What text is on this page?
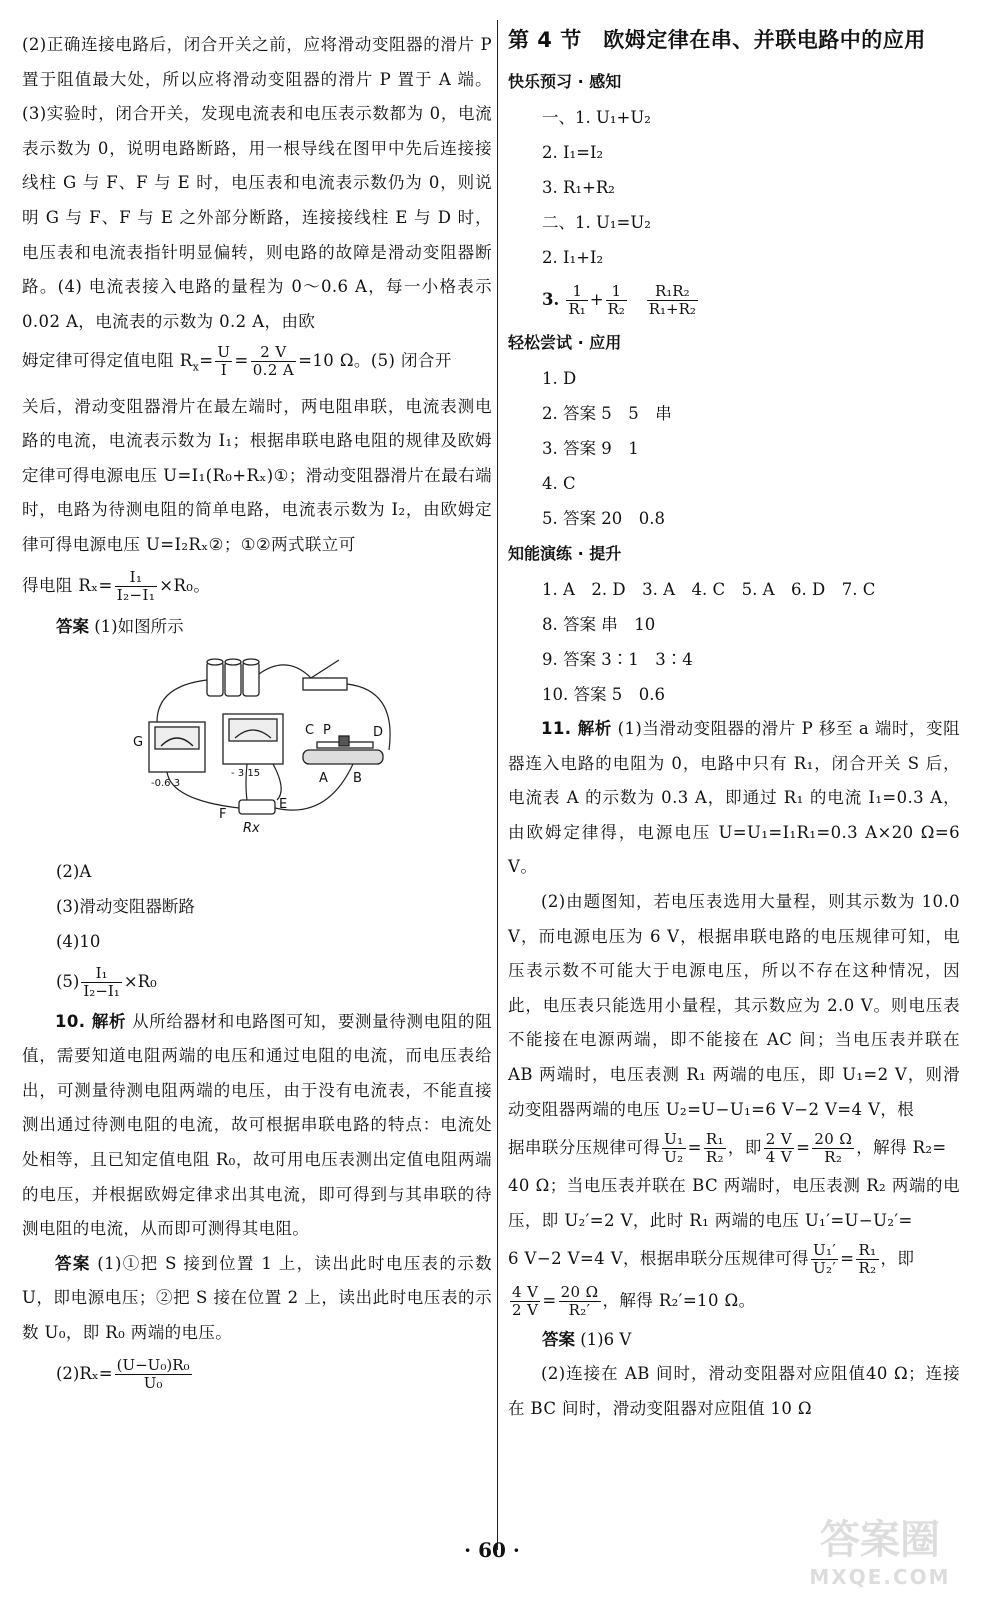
(2)正确连接电路后，闭合开关之前，应将滑动变阻器的滑片 P 置于阻值最大处，所以应将滑动变阻器的滑片 P 置于 A 端。(3)实验时，闭合开关，发现电流表和电压表示数都为 0，电流表示数为 0，说明电路断路，用一根导线在图甲中先后连接接线柱 G 与 F、F 与 E 时，电压表和电流表示数仍为 0，则说明 G 与 F、F 与 E 之外部分断路，连接接线柱 E 与 D 时，电压表和电流表指针明显偏转，则电路的故障是滑动变阻器断路。(4) 电流表接入电路的量程为 0～0.6 A，每一小格表示 0.02 A，电流表的示数为 0.2 A，由欧

姆定律可得定值电阻 $R_x= \frac{U}{I} = \frac{2 V}{0.2 A} =10$ Ω。(5) 闭合开

关后，滑动变阻器滑片在最左端时，两电阻串联，电流表测电路的电流，电流表示数为 I₁；根据串联电路电阻的规律及欧姆定律可得电源电压 U=I₁(R₀+Rₓ)①；滑动变阻器滑片在最右端时，电路为待测电阻的简单电路，电流表示数为 I₂，由欧姆定律可得电源电压 U=I₂Rₓ②；①②两式联立可

得电阻 $R_x= \frac{\text{I₁}}{\text{I₂−I₁}} \times R_0$。

答案 (1)如图所示
G
C P	D
A B
F
E
Rx
-0.6 3
- 3 15
(2)A
(3)滑动变阻器断路
(4)10
$(5) \frac{\text{I₁}}{\text{I₂−I₁}} \times R_0$

10. 解析 从所给器材和电路图可知，要测量待测电阻的阻值，需要知道电阻两端的电压和通过电阻的电流，而电压表给出，可测量待测电阻两端的电压，由于没有电流表，不能直接测出通过待测电阻的电流，故可根据串联电路的特点：电流处处相等，且已知定值电阻 R₀，故可用电压表测出定值电阻两端的电压，并根据欧姆定律求出其电流，即可得到与其串联的待测电阻的电流，从而即可测得其电阻。

答案 (1)①把 S 接到位置 1 上，读出此时电压表的示数 U，即电源电压；②把 S 接在位置 2 上，读出此时电压表的示数 U₀，即 R₀ 两端的电压。

$(2)R_x= \frac{\text{(U−U₀)R₀}}{\text{U₀}}$
第 4 节　欧姆定律在串、并联电路中的应用
快乐预习 · 感知
一、1. U₁+U₂
2. I₁=I₂
3. R₁+R₂
二、1. U₁=U₂
2. I₁+I₂
3. $\frac{1}{\text{R₁}} + \frac{1}{\text{R₂}}$
$\frac{\text{R₁R₂}}{\text{R₁+R₂}}$
轻松尝试 · 应用
1. D
2. 答案 5　5　串
3. 答案 9　1
4. C
5. 答案 20　0.8
知能演练 · 提升
1. A　2. D　3. A　4. C　5. A　6. D　7. C
8. 答案 串　10
9. 答案 3∶1　3∶4
10. 答案 5　0.6

11. 解析 (1)当滑动变阻器的滑片 P 移至 a 端时，变阻器连入电路的电阻为 0，电路中只有 R₁，闭合开关 S 后，电流表 A 的示数为 0.3 A，即通过 R₁ 的电流 I₁=0.3 A，由欧姆定律得，电源电压 U=U₁=I₁R₁=0.3 A×20 Ω=6 V。

(2)由题图知，若电压表选用大量程，则其示数为 10.0 V，而电源电压为 6 V，根据串联电路的电压规律可知，电压表示数不可能大于电源电压，所以不存在这种情况，因此，电压表只能选用小量程，其示数应为 2.0 V。则电压表不能接在电源两端，即不能接在 AC 间；当电压表并联在 AB 两端时，电压表测 R₁ 两端的电压，即 U₁=2 V，则滑动变阻器两端的电压 U₂=U−U₁=6 V−2 V=4 V，根

据串联分压规律可得 $\frac{\text{U₁}}{\text{U₂}} = \frac{\text{R₁}}{\text{R₂}}$ ，即 $\frac{2 V}{4 V} = \frac{20 \Omega}{\text{R₂}}$ ，解得 R₂=

40 Ω；当电压表并联在 BC 两端时，电压表测 R₂ 两端的电压，即 U₂′=2 V，此时 R₁ 两端的电压 U₁′=U−U₂′=

6 V−2 V=4 V，根据串联分压规律可得 $\frac{\text{U₁′}}{\text{U₂′}} = \frac{\text{R₁}}{\text{R₂}}$ ，即

$\frac{4 V}{2 V} = \frac{20 \Omega}{\text{R₂′}}$ ，解得 R₂′=10 Ω。

答案 (1)6 V

(2)连接在 AB 间时，滑动变阻器对应阻值40 Ω；连接在 BC 间时，滑动变阻器对应阻值 10 Ω

· 60 ·	答案圈
MXQE.COM
